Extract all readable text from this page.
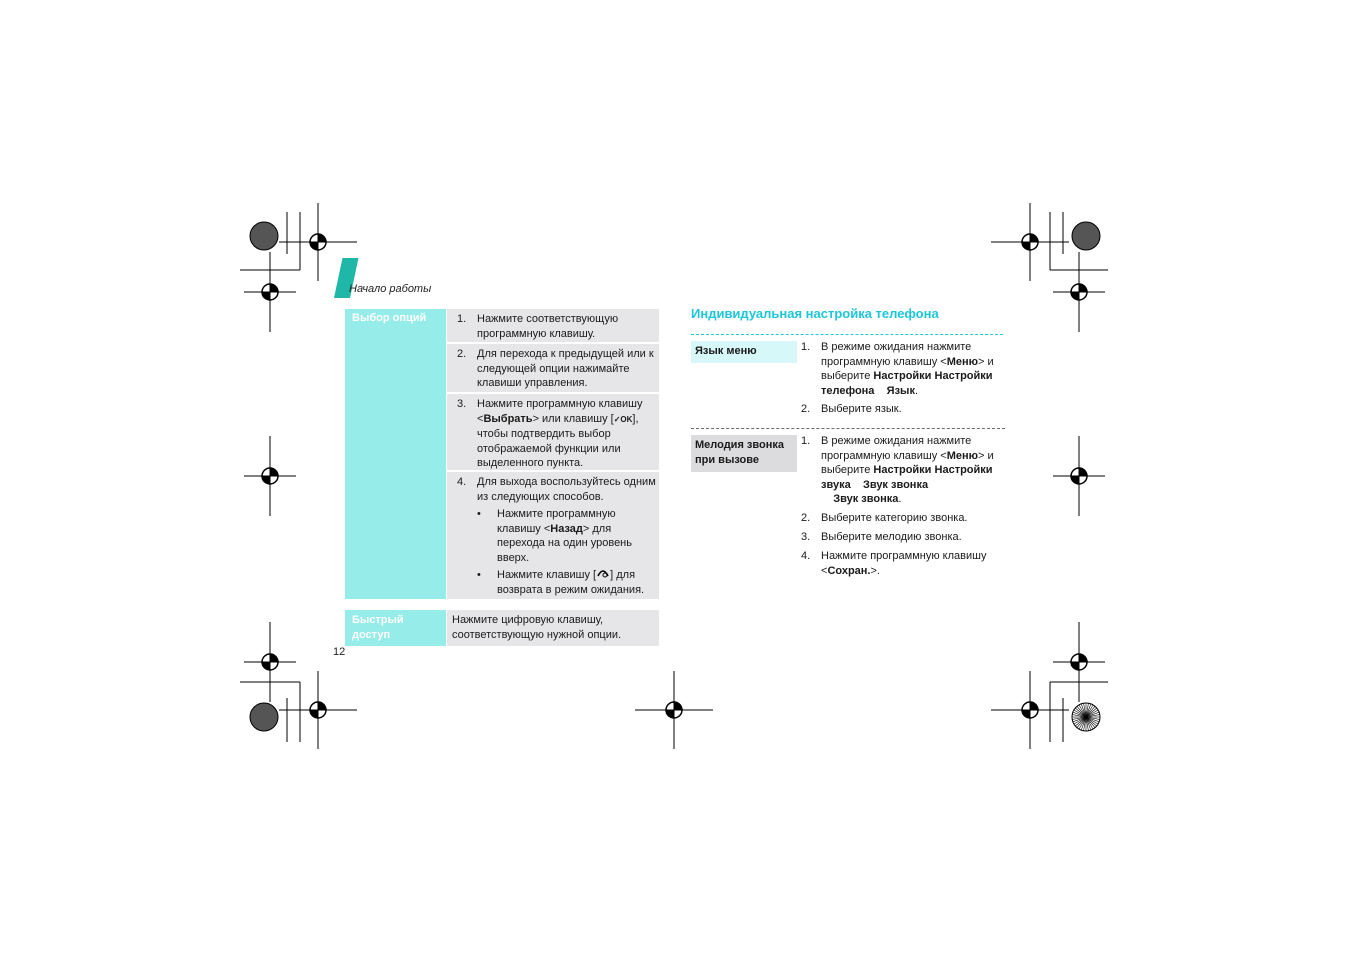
Начало работы
12
Выбор опций	1. Нажмите соответствующую программную клавишу.
2. Для перехода к предыдущей или к следующей опции нажимайте клавиши управления.
3. Нажмите программную клавишу <Выбрать> или клавишу [✓OK], чтобы подтвердить выбор отображаемой функции или выделенного пункта.
4. Для выхода воспользуйтесь одним из следующих способов.
• Нажмите программную клавишу <Назад> для перехода на один уровень вверх.
• Нажмите клавишу [ ] для возврата в режим ожидания.
Быстрый доступ
Нажмите цифровую клавишу, соответствующую нужной опции.
Индивидуальная настройка телефона
Язык меню	1. В режиме ожидания нажмите программную клавишу <Меню> и выберите Настройки Настройки телефона Язык.
2. Выберите язык.
Мелодия звонка при вызове
1. В режиме ожидания нажмите программную клавишу <Меню> и выберите Настройки Настройки звука Звук звонка
Звук звонка.
2. Выберите категорию звонка.
3. Выберите мелодию звонка.
4. Нажмите программную клавишу <Сохран.>.
